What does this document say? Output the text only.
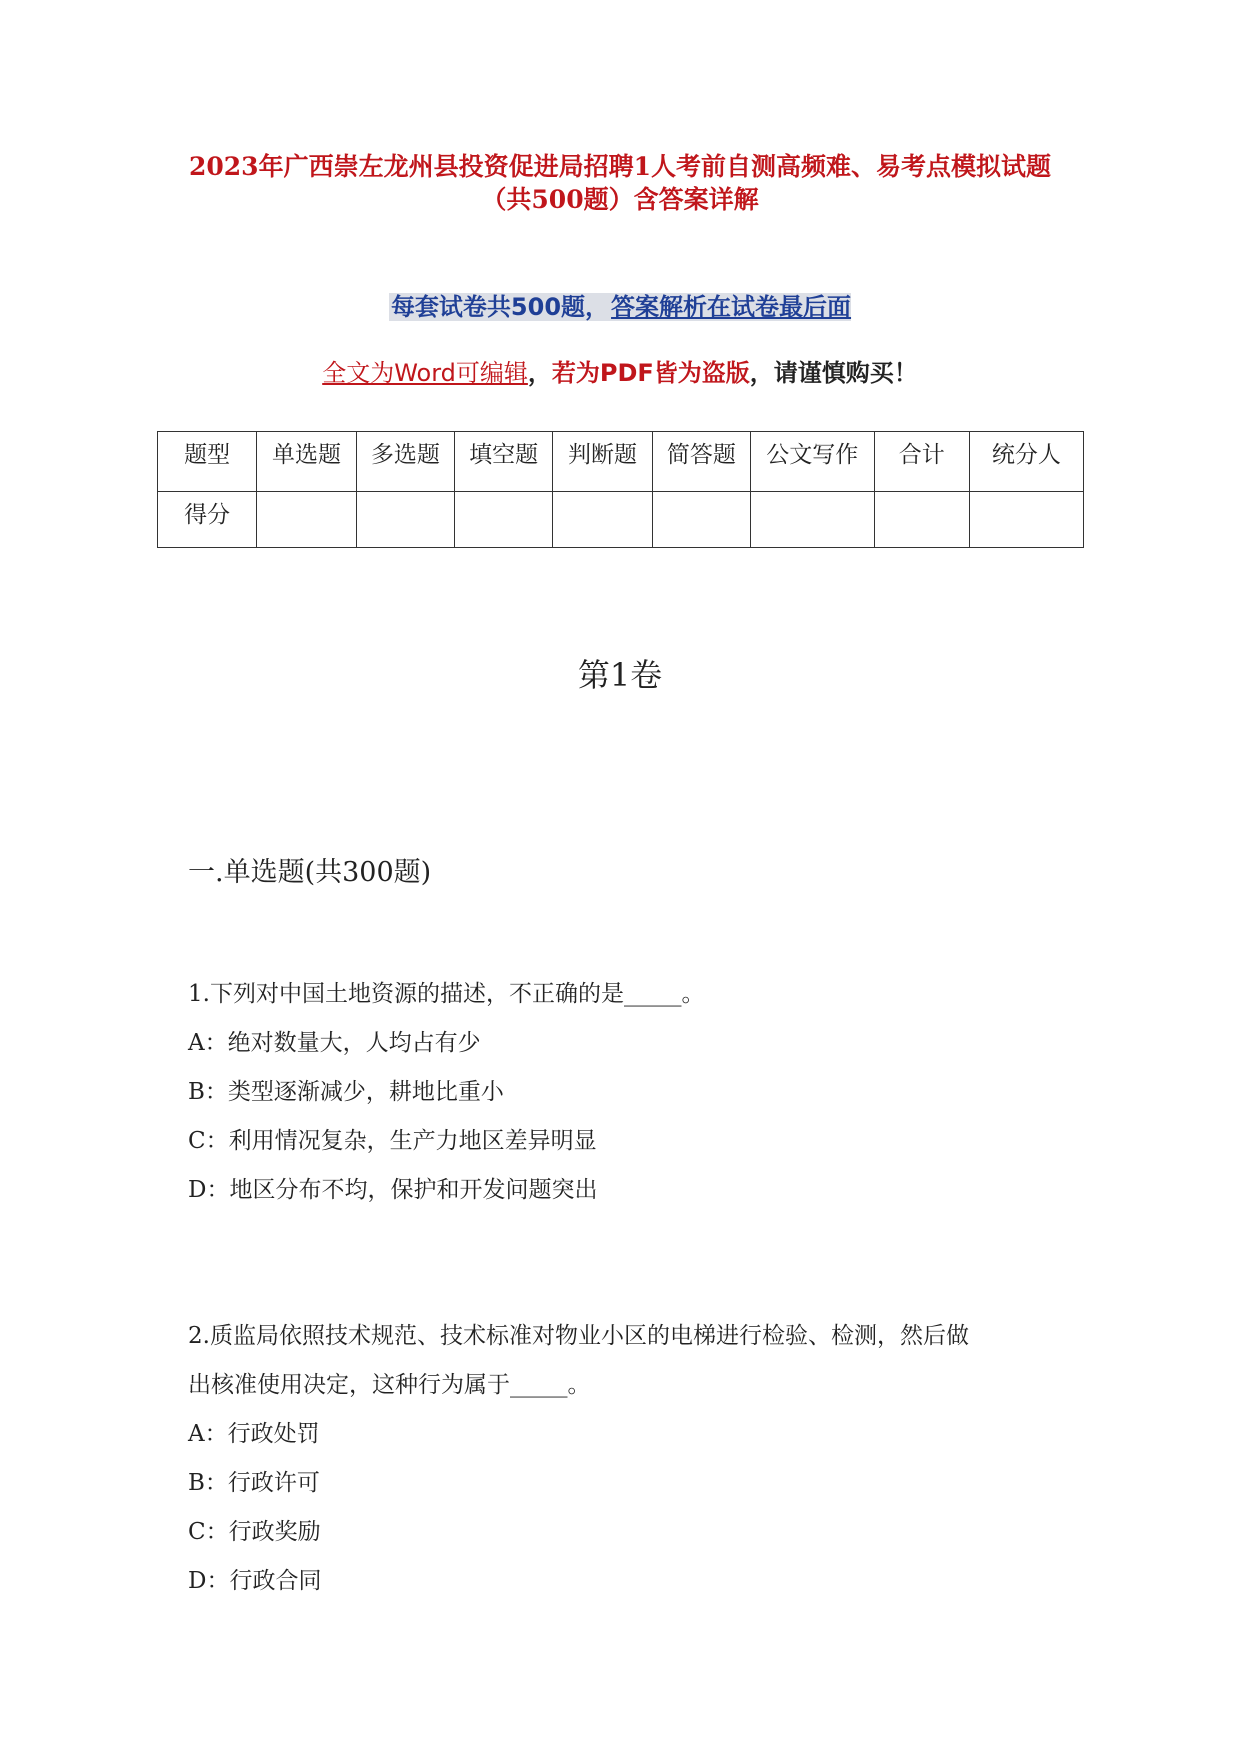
2023年广西崇左龙州县投资促进局招聘1人考前自测高频难、易考点模拟试题
（共500题）含答案详解
每套试卷共500题，答案解析在试卷最后面
全文为Word可编辑，若为PDF皆为盗版，请谨慎购买！
题型	单选题	多选题	填空题	判断题	简答题	公文写作	合计	统分人
得分								
第1卷
一.单选题(共300题)
1.下列对中国土地资源的描述，不正确的是_____。
A：绝对数量大，人均占有少
B：类型逐渐减少，耕地比重小
C：利用情况复杂，生产力地区差异明显
D：地区分布不均，保护和开发问题突出
2.质监局依照技术规范、技术标准对物业小区的电梯进行检验、检测，然后做
出核准使用决定，这种行为属于_____。
A：行政处罚
B：行政许可
C：行政奖励
D：行政合同
